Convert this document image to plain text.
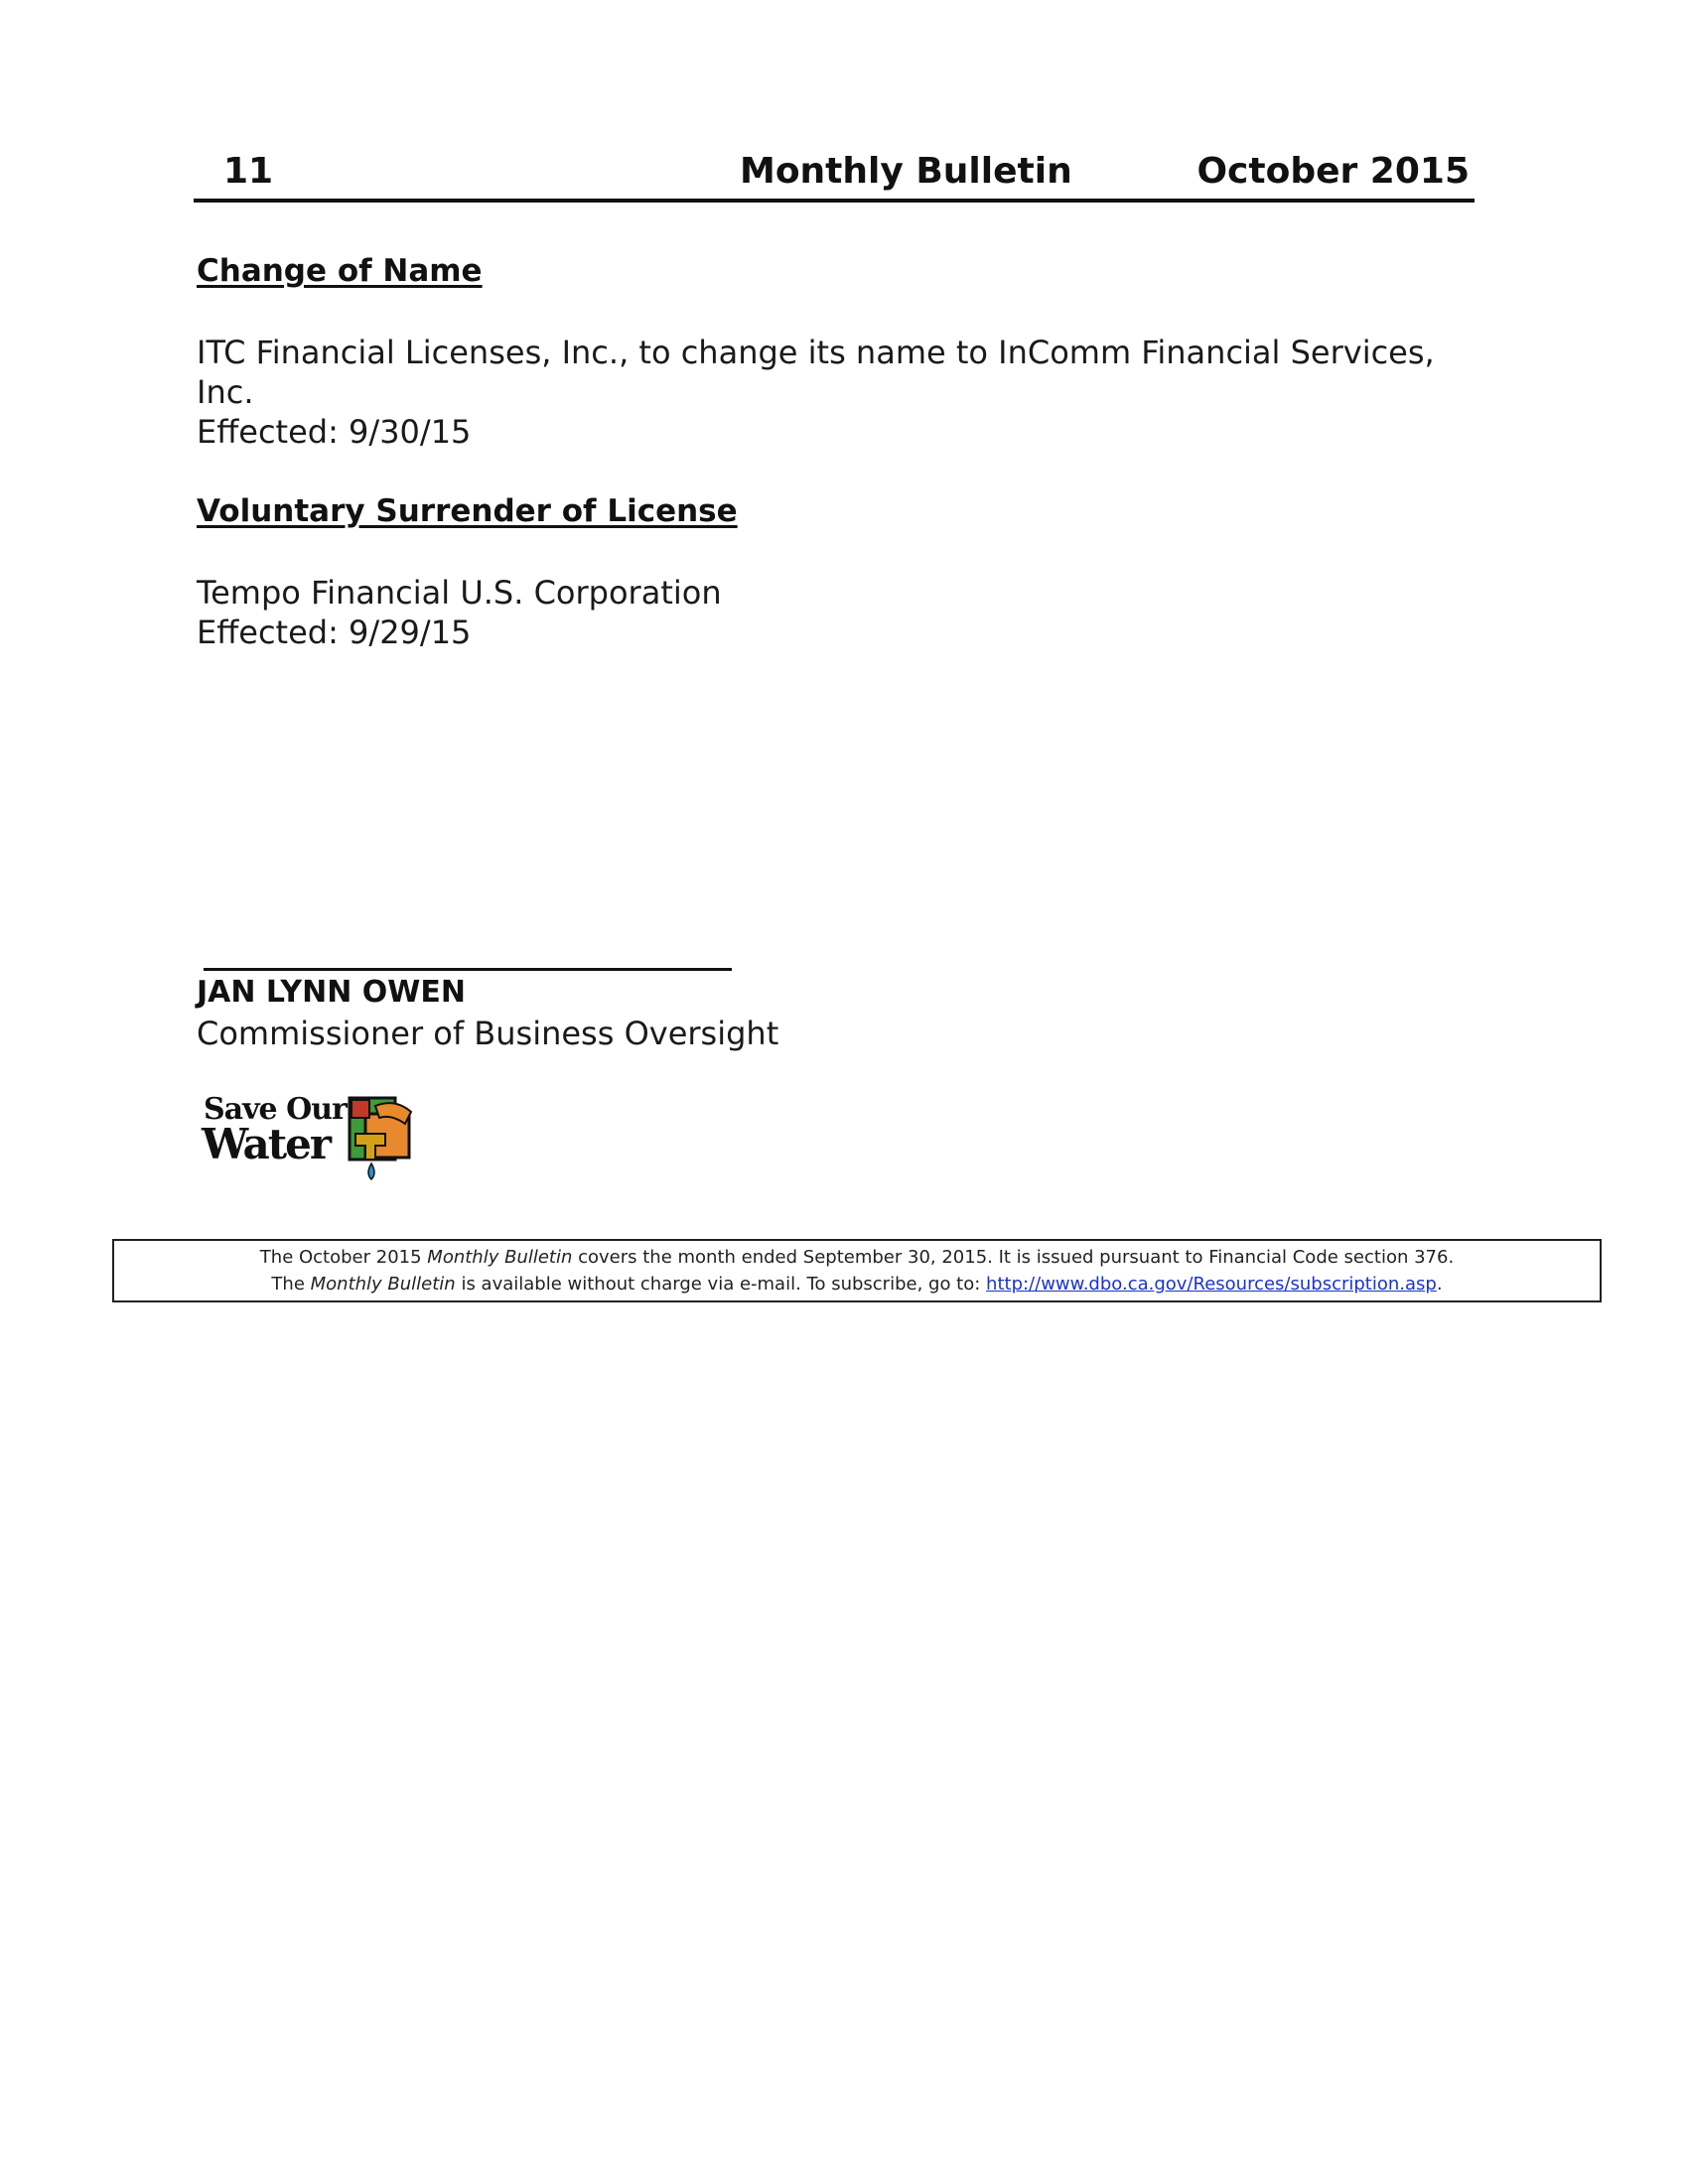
11	Monthly Bulletin	October 2015
Change of Name
ITC Financial Licenses, Inc., to change its name to InComm Financial Services,
Inc.
Effected: 9/30/15
Voluntary Surrender of License
Tempo Financial U.S. Corporation
Effected: 9/29/15
JAN LYNN OWEN
Commissioner of Business Oversight
Save Our
Water
The October 2015 Monthly Bulletin covers the month ended September 30, 2015. It is issued pursuant to Financial Code section 376.
The Monthly Bulletin is available without charge via e-mail. To subscribe, go to: http://www.dbo.ca.gov/Resources/subscription.asp.
